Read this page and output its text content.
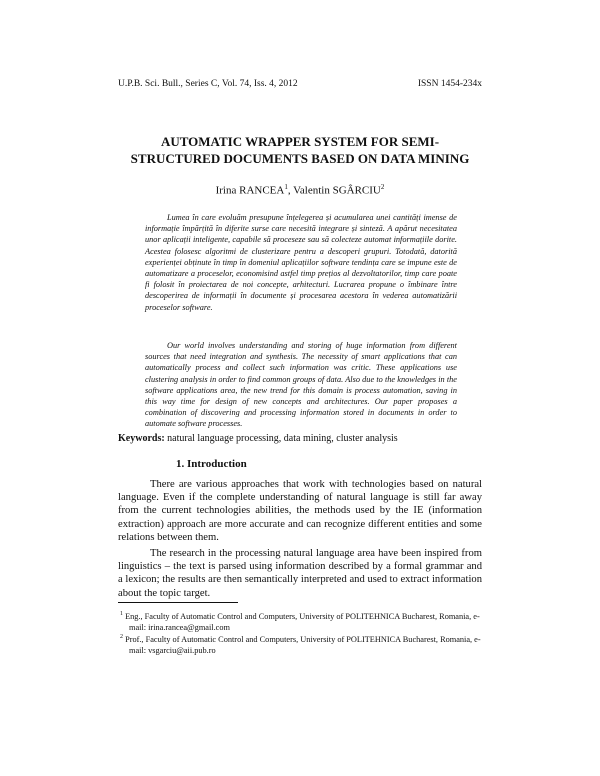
U.P.B. Sci. Bull., Series C, Vol. 74, Iss. 4, 2012	ISSN 1454-234x
AUTOMATIC WRAPPER SYSTEM FOR SEMI-
STRUCTURED DOCUMENTS BASED ON DATA MINING
Irina RANCEA$^1$, Valentin SGÂRCIU$^2$

Lumea în care evoluăm presupune înțelegerea și acumularea unei cantități imense de informație împărțită în diferite surse care necesită integrare și sinteză. A apărut necesitatea unor aplicații inteligente, capabile să proceseze sau să colecteze automat informațiile dorite. Acestea folosesc algoritmi de clusterizare pentru a descoperi grupuri. Totodată, datorită experienței obținute în timp în domeniul aplicațiilor software tendința care se impune este de automatizare a proceselor, economisind astfel timp prețios al dezvoltatorilor, timp care poate fi folosit în proiectarea de noi concepte, arhitecturi. Lucrarea propune o îmbinare între descoperirea de informații în documente și procesarea acestora în vederea automatizării proceselor software.

Our world involves understanding and storing of huge information from different sources that need integration and synthesis. The necessity of smart applications that can automatically process and collect such information was critic. These applications use clustering analysis in order to find common groups of data. Also due to the knowledges in the software applications area, the new trend for this domain is process automation, saving in this way time for design of new concepts and architectures. Our paper proposes a combination of discovering and processing information stored in documents in order to automate software processes.

Keywords: natural language processing, data mining, cluster analysis
1. Introduction

There are various approaches that work with technologies based on natural language. Even if the complete understanding of natural language is still far away from the current technologies abilities, the methods used by the IE (information extraction) approach are more accurate and can recognize different entities and some relations between them.

The research in the processing natural language area have been inspired from linguistics – the text is parsed using information described by a formal grammar and a lexicon; the results are then semantically interpreted and used to extract information about the topic target.

$^1$ Eng., Faculty of Automatic Control and Computers, University of POLITEHNICA Bucharest, Romania, e-mail: irina.rancea@gmail.com

$^2$ Prof., Faculty of Automatic Control and Computers, University of POLITEHNICA Bucharest, Romania, e-mail: vsgarciu@aii.pub.ro
